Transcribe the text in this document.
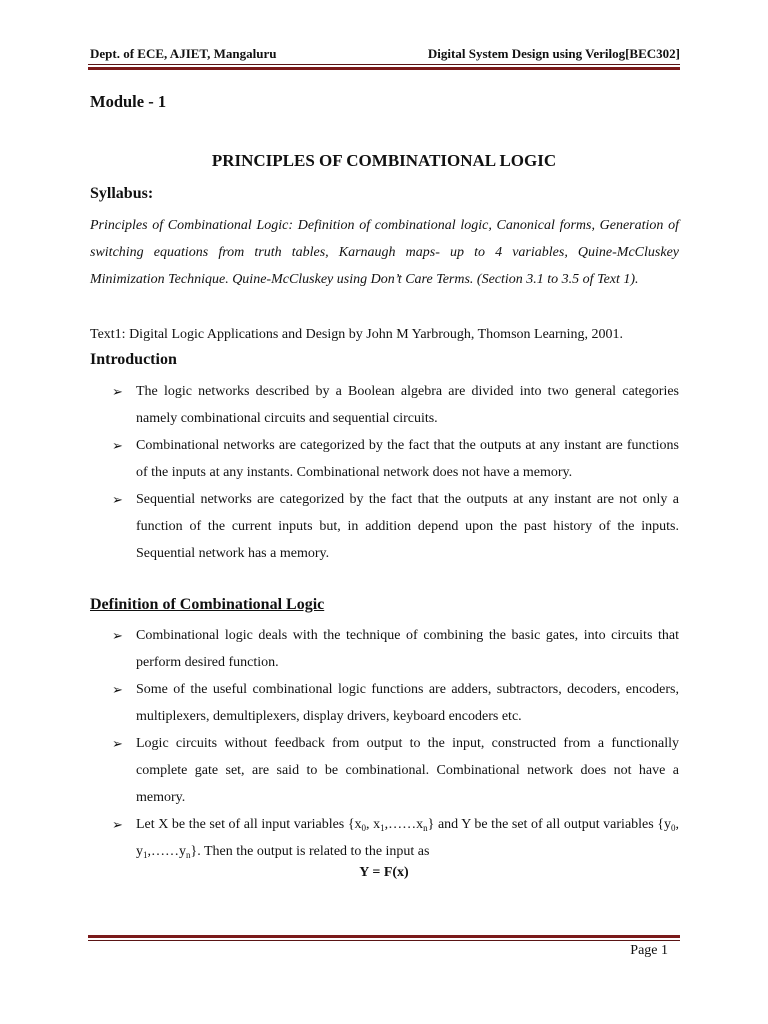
Dept. of ECE, AJIET, Mangaluru	Digital System Design using Verilog[BEC302]
Module - 1
PRINCIPLES OF COMBINATIONAL LOGIC
Syllabus:
Principles of Combinational Logic: Definition of combinational logic, Canonical forms, Generation of switching equations from truth tables, Karnaugh maps- up to 4 variables, Quine-McCluskey Minimization Technique. Quine-McCluskey using Don’t Care Terms. (Section 3.1 to 3.5 of Text 1).
Text1: Digital Logic Applications and Design by John M Yarbrough, Thomson Learning, 2001.
Introduction
➢ The logic networks described by a Boolean algebra are divided into two general categories namely combinational circuits and sequential circuits.
➢ Combinational networks are categorized by the fact that the outputs at any instant are functions of the inputs at any instants. Combinational network does not have a memory.
➢ Sequential networks are categorized by the fact that the outputs at any instant are not only a function of the current inputs but, in addition depend upon the past history of the inputs. Sequential network has a memory.
Definition of Combinational Logic
➢ Combinational logic deals with the technique of combining the basic gates, into circuits that perform desired function.
➢ Some of the useful combinational logic functions are adders, subtractors, decoders, encoders, multiplexers, demultiplexers, display drivers, keyboard encoders etc.
➢ Logic circuits without feedback from output to the input, constructed from a functionally complete gate set, are said to be combinational. Combinational network does not have a memory.
➢ Let X be the set of all input variables {$x_0$, $x_1,\dots\dots x_n$} and Y be the set of all output variables {$y_0$, $y_1,\dots\dots y_n$}. Then the output is related to the input as
Y = F(x)
Page 1
